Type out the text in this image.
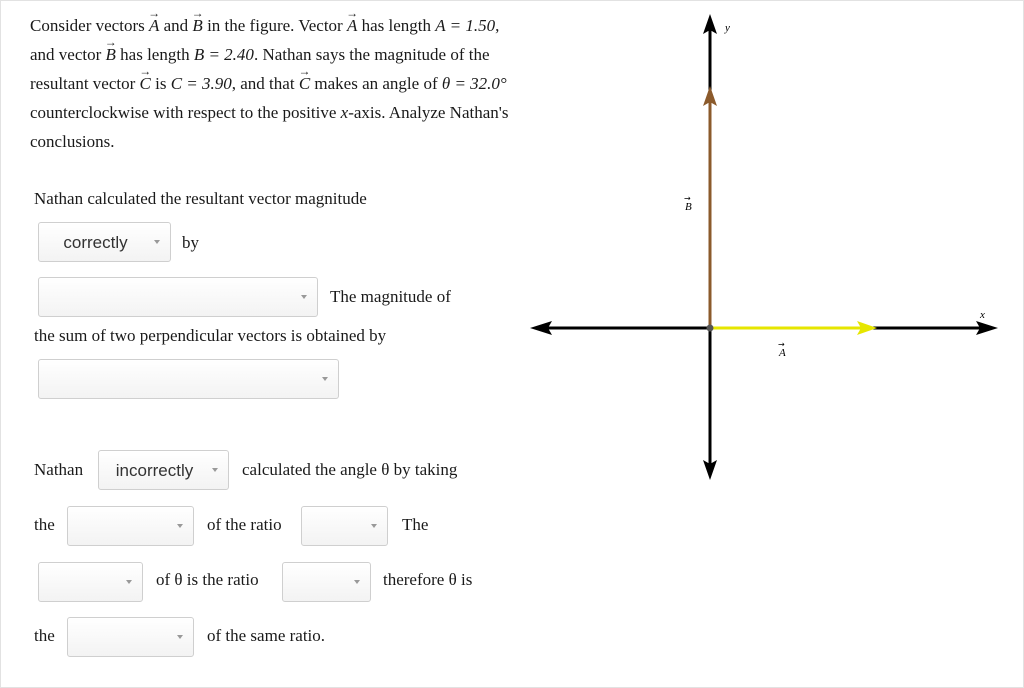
Consider vectors → A and → B in the figure. Vector → A has length A = 1.50, and vector → B has length B = 2.40. Nathan says the magnitude of the resultant vector → C is C = 3.90, and that → C makes an angle of θ = 32.0° counterclockwise with respect to the positive x-axis. Analyze Nathan's conclusions.
Nathan calculated the resultant vector magnitude
correctly	by
The magnitude of
the sum of two perpendicular vectors is obtained by
Nathan	incorrectly	calculated the angle θ by taking
the	of the ratio	The
of θ is the ratio	therefore θ is
the	of the same ratio.
y
x
B
→
A
→
